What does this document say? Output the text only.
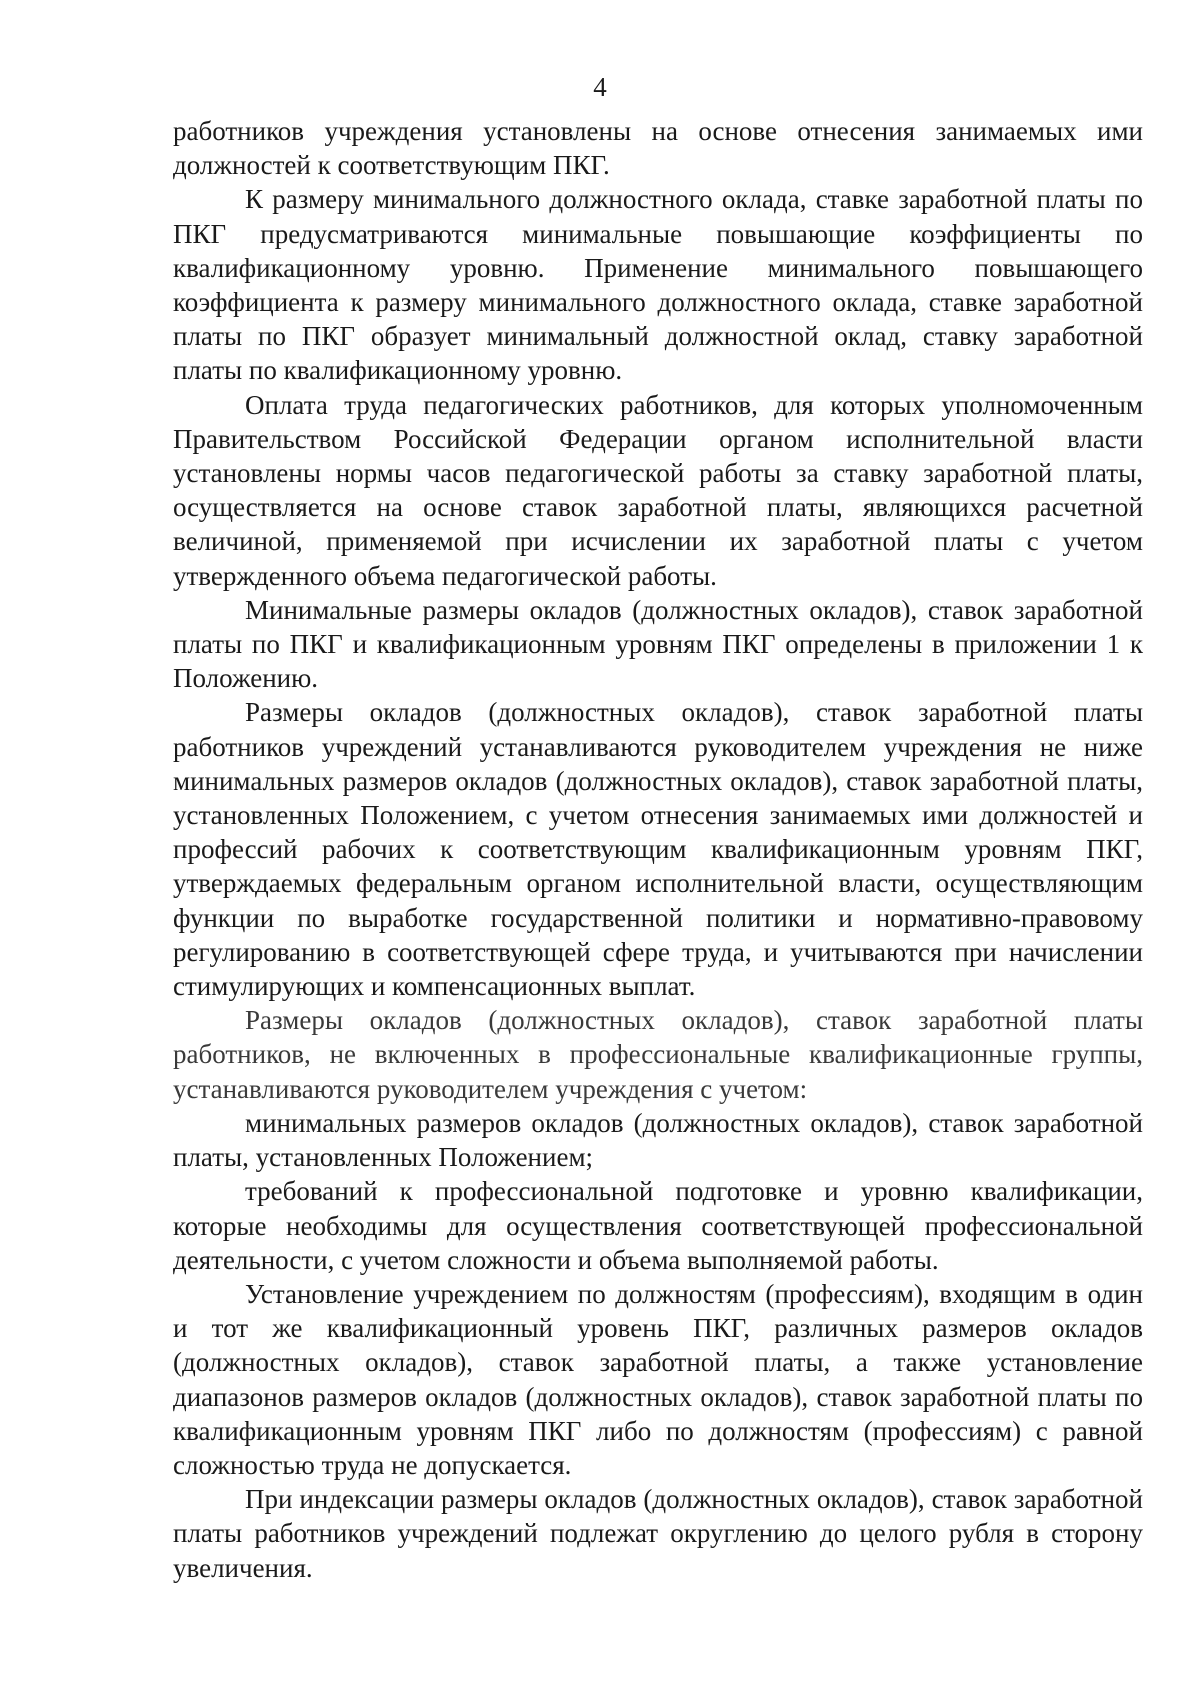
4

работников учреждения установлены на основе отнесения занимаемых ими должностей к соответствующим ПКГ.

К размеру минимального должностного оклада, ставке заработной платы по ПКГ предусматриваются минимальные повышающие коэффициенты по квалификационному уровню. Применение минимального повышающего коэффициента к размеру минимального должностного оклада, ставке заработной платы по ПКГ образует минимальный должностной оклад, ставку заработной платы по квалификационному уровню.

Оплата труда педагогических работников, для которых уполномоченным Правительством Российской Федерации органом исполнительной власти установлены нормы часов педагогической работы за ставку заработной платы, осуществляется на основе ставок заработной платы, являющихся расчетной величиной, применяемой при исчислении их заработной платы с учетом утвержденного объема педагогической работы.

Минимальные размеры окладов (должностных окладов), ставок заработной платы по ПКГ и квалификационным уровням ПКГ определены в приложении 1 к Положению.

Размеры окладов (должностных окладов), ставок заработной платы работников учреждений устанавливаются руководителем учреждения не ниже минимальных размеров окладов (должностных окладов), ставок заработной платы, установленных Положением, с учетом отнесения занимаемых ими должностей и профессий рабочих к соответствующим квалификационным уровням ПКГ, утверждаемых федеральным органом исполнительной власти, осуществляющим функции по выработке государственной политики и нормативно-правовому регулированию в соответствующей сфере труда, и учитываются при начислении стимулирующих и компенсационных выплат.

Размеры окладов (должностных окладов), ставок заработной платы работников, не включенных в профессиональные квалификационные группы, устанавливаются руководителем учреждения с учетом:

минимальных размеров окладов (должностных окладов), ставок заработной платы, установленных Положением;

требований к профессиональной подготовке и уровню квалификации, которые необходимы для осуществления соответствующей профессиональной деятельности, с учетом сложности и объема выполняемой работы.

Установление учреждением по должностям (профессиям), входящим в один и тот же квалификационный уровень ПКГ, различных размеров окладов (должностных окладов), ставок заработной платы, а также установление диапазонов размеров окладов (должностных окладов), ставок заработной платы по квалификационным уровням ПКГ либо по должностям (профессиям) с равной сложностью труда не допускается.

При индексации размеры окладов (должностных окладов), ставок заработной платы работников учреждений подлежат округлению до целого рубля в сторону увеличения.
